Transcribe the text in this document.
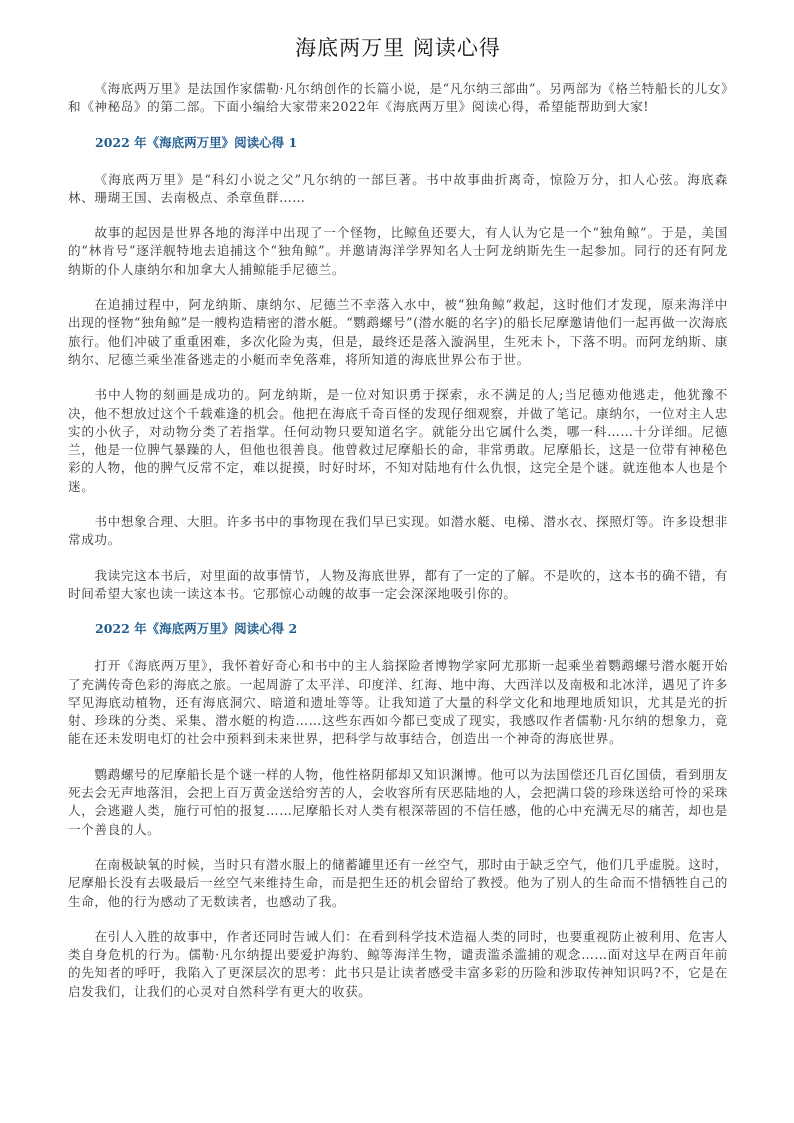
海底两万里 阅读心得

《海底两万里》是法国作家儒勒·凡尔纳创作的长篇小说，是“凡尔纳三部曲”。另两部为《格兰特船长的儿女》和《神秘岛》的第二部。下面小编给大家带来2022年《海底两万里》阅读心得，希望能帮助到大家!

2022 年《海底两万里》阅读心得 1

《海底两万里》是“科幻小说之父”凡尔纳的一部巨著。书中故事曲折离奇，惊险万分，扣人心弦。海底森林、珊瑚王国、去南极点、杀章鱼群……

故事的起因是世界各地的海洋中出现了一个怪物，比鲸鱼还要大，有人认为它是一个“独角鲸”。于是，美国的“林肯号”逐洋舰特地去追捕这个“独角鲸”。并邀请海洋学界知名人士阿龙纳斯先生一起参加。同行的还有阿龙纳斯的仆人康纳尔和加拿大人捕鲸能手尼德兰。

在追捕过程中，阿龙纳斯、康纳尔、尼德兰不幸落入水中，被“独角鲸”救起，这时他们才发现，原来海洋中出现的怪物“独角鲸”是一艘构造精密的潜水艇。“鹦鹉螺号”(潜水艇的名字)的船长尼摩邀请他们一起再做一次海底旅行。他们冲破了重重困难，多次化险为夷，但是，最终还是落入漩涡里，生死未卜，下落不明。而阿龙纳斯、康纳尔、尼德兰乘坐准备逃走的小艇而幸免落难，将所知道的海底世界公布于世。

书中人物的刻画是成功的。阿龙纳斯，是一位对知识勇于探索，永不满足的人;当尼德劝他逃走，他犹豫不决，他不想放过这个千载难逢的机会。他把在海底千奇百怪的发现仔细观察，并做了笔记。康纳尔，一位对主人忠实的小伙子，对动物分类了若指掌。任何动物只要知道名字。就能分出它属什么类，哪一科……十分详细。尼德兰，他是一位脾气暴躁的人，但他也很善良。他曾救过尼摩船长的命，非常勇敢。尼摩船长，这是一位带有神秘色彩的人物，他的脾气反常不定，难以捉摸，时好时坏，不知对陆地有什么仇恨，这完全是个谜。就连他本人也是个迷。

书中想象合理、大胆。许多书中的事物现在我们早已实现。如潜水艇、电梯、潜水衣、探照灯等。许多设想非常成功。

我读完这本书后，对里面的故事情节，人物及海底世界，都有了一定的了解。不是吹的，这本书的确不错，有时间希望大家也读一读这本书。它那惊心动魄的故事一定会深深地吸引你的。

2022 年《海底两万里》阅读心得 2

打开《海底两万里》，我怀着好奇心和书中的主人翁探险者博物学家阿尤那斯一起乘坐着鹦鹉螺号潜水艇开始了充满传奇色彩的海底之旅。一起周游了太平洋、印度洋、红海、地中海、大西洋以及南极和北冰洋，遇见了许多罕见海底动植物，还有海底洞穴、暗道和遗址等等。让我知道了大量的科学文化和地理地质知识，尤其是光的折射、珍珠的分类、采集、潜水艇的构造……这些东西如今都已变成了现实，我感叹作者儒勒·凡尔纳的想象力，竟能在还未发明电灯的社会中预料到未来世界，把科学与故事结合，创造出一个神奇的海底世界。

鹦鹉螺号的尼摩船长是个谜一样的人物，他性格阴郁却又知识渊博。他可以为法国偿还几百亿国债，看到朋友死去会无声地落泪，会把上百万黄金送给穷苦的人，会收容所有厌恶陆地的人，会把满口袋的珍珠送给可怜的采珠人，会逃避人类，施行可怕的报复……尼摩船长对人类有根深蒂固的不信任感，他的心中充满无尽的痛苦，却也是一个善良的人。

在南极缺氧的时候，当时只有潜水服上的储蓄罐里还有一丝空气，那时由于缺乏空气，他们几乎虚脱。这时，尼摩船长没有去吸最后一丝空气来维持生命，而是把生还的机会留给了教授。他为了别人的生命而不惜牺牲自己的生命，他的行为感动了无数读者，也感动了我。

在引人入胜的故事中，作者还同时告诫人们：在看到科学技术造福人类的同时，也要重视防止被利用、危害人类自身危机的行为。儒勒·凡尔纳提出要爱护海豹、鲸等海洋生物，谴责滥杀滥捕的观念……面对这早在两百年前的先知者的呼吁，我陷入了更深层次的思考：此书只是让读者感受丰富多彩的历险和涉取传神知识吗?不，它是在启发我们，让我们的心灵对自然科学有更大的收获。
